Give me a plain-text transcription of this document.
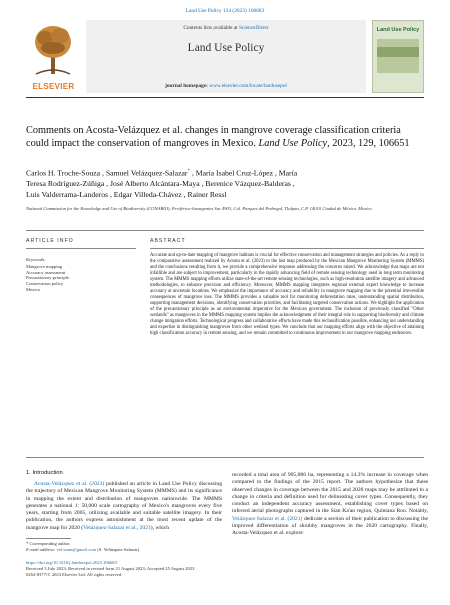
Land Use Policy 134 (2023) 106683
ELSEVIER
Contents lists available at ScienceDirect
Land Use Policy
journal homepage: www.elsevier.com/locate/landusepol
Land Use Policy
Comments on Acosta-Velázquez et al. changes in mangrove coverage classification criteria could impact the conservation of mangroves in Mexico. Land Use Policy, 2023, 129, 106651
Carlos H. Troche-Souza , Samuel Velázquez-Salazar* , María Isabel Cruz-López , María
Teresa Rodríguez-Zúñiga , José Alberto Alcántara-Maya , Berenice Vázquez-Balderas ,
Luis Valderrama-Landeros , Edgar Villeda-Chávez , Rainer Ressl
National Commission for the Knowledge and Use of Biodiversity (CONABIO), Periférico-Insurgentes Sur 4903, Col. Parques del Pedregal, Tlalpan, C.P. 14010 Ciudad de México, Mexico
ARTICLE INFO	ABSTRACT
Keywords:
Mangrove mapping
Accuracy assessment
Precautionary principle
Conservation policy
Mexico
Accurate and up-to-date mapping of mangrove habitats is crucial for effective conservation and management strategies and policies. As a reply to the comparative assessment realized by Acosta et al. (2023) to the last map produced by the Mexican Mangrove Monitoring System (MMMS) and the conclusions resulting from it, we provide a comprehensive response addressing the concerns raised. We acknowledge that maps are not infallible and are subject to improvement, particularly in the rapidly advancing field of remote sensing technology used in long term monitoring system. The MMMS mapping efforts utilize state-of-the-art remote sensing technologies, such as high-resolution satellite imagery and advanced methodologies, to enhance precision and efficiency. Moreover, MMMS mapping integrates regional external expert knowledge to increase accuracy at uncertain locations. We emphasize the importance of accuracy and reliability in mangrove mapping due to the potential irreversible consequences of mangrove loss. The MMMS provides a valuable tool for monitoring deforestation rates, understanding spatial distribution, supporting management decisions, identifying conservation priorities, and facilitating targeted conservation actions. We highlight the application of the precautionary principle as an environmental imperative for the Mexican government. The inclusion of previously classified "Other wetlands" as mangroves in the MMMS mapping system implies the acknowledgment of their integral role in supporting biodiversity and climate change mitigation efforts. Technological progress and collaborative efforts have made this reclassification possible, enhancing our understanding and expertise in distinguishing mangroves from other wetland types. We conclude that our mapping efforts align with the objective of attaining high classification accuracy in remote sensing, and we remain committed to continuous improvement in our mangrove mapping endeavors.
1. Introduction
Acosta-Velázquez et al. (2023) published an article in Land Use Policy discussing the trajectory of Mexican Mangrove Monitoring System (MMMS) and its significance in mapping the extent and distribution of mangroves nationwide. The MMMS generates a national 1: 50,000 scale cartography of Mexico's mangroves every five years, starting from 2005, utilizing available and suitable satellite imagery. In their publication, the authors express astonishment at the most recent update of the mangrove map for 2020 (Velázquez-Salazar et al., 2021), which
recorded a total area of 905,086 ha, representing a 14.3% increase in coverage when compared to the findings of the 2015 report. The authors hypothesize that these observed changes in coverage between the 2015 and 2020 maps may be attributed to a change in criteria and definition used for delineating cover types. Consequently, they conduct an independent accuracy assessment, establishing cover types based on inferred aerial photographs captured in the Sian Ka'an region, Quintana Roo. Notably, Velázquez-Salazar et al. (2021) dedicate a section of their publication to discussing the improved differentiation of shrubby mangroves in the 2020 cartography. Finally, Acosta-Velázquez et al. explore
* Corresponding author.
E-mail address: vel.ssam@gmail.com (S. Velázquez-Salazar).
https://doi.org/10.1016/j.landusepol.2023.106683
Received 3 July 2023; Received in revised form 21 August 2023; Accepted 25 August 2023
0264-8377/© 2023 Elsevier Ltd. All rights reserved.
